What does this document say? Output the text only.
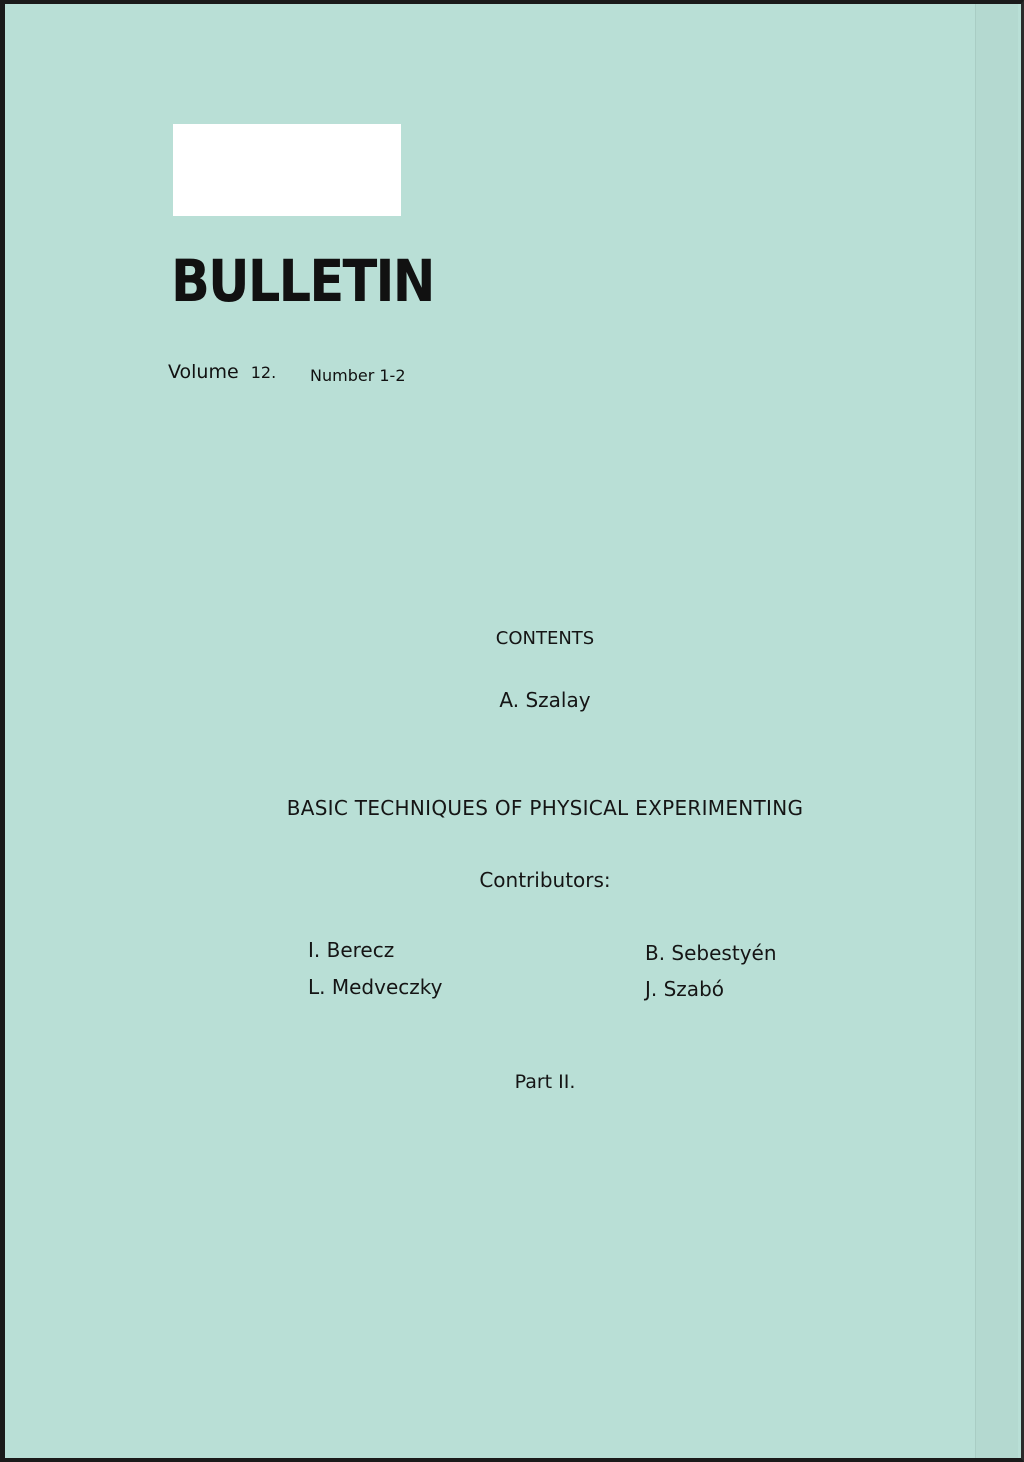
BULLETIN
Volume 12. Number 1-2
CONTENTS
A. Szalay
BASIC TECHNIQUES OF PHYSICAL EXPERIMENTING
Contributors:
I. Berecz
L. Medveczky
B. Sebestyén
J. Szabó
Part II.
